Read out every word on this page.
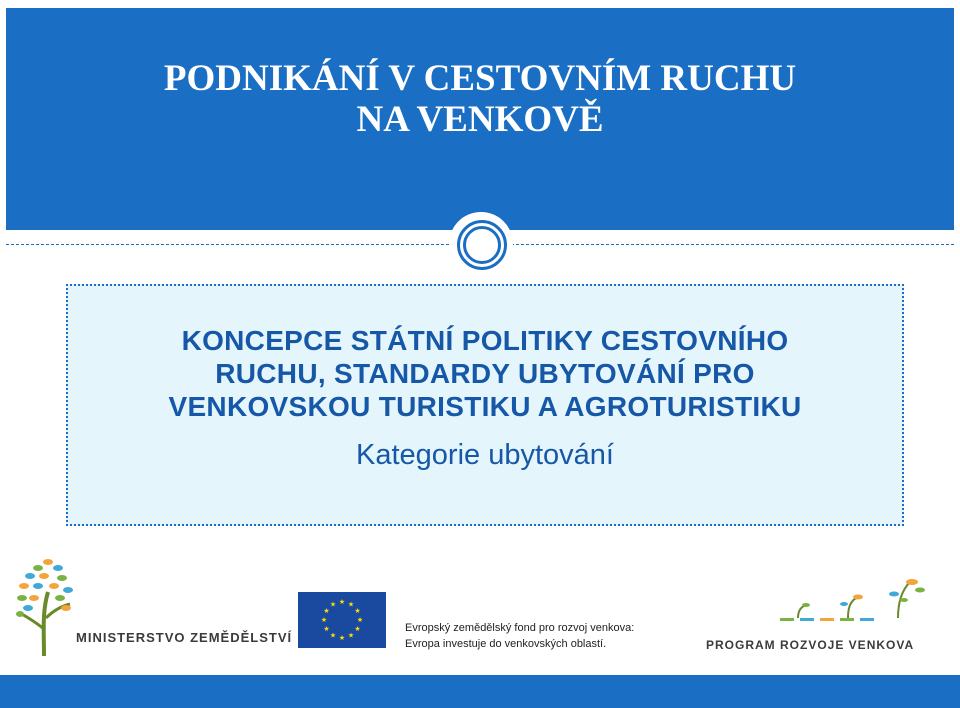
PODNIKÁNÍ V CESTOVNÍM RUCHU
NA VENKOVĚ
KONCEPCE STÁTNÍ POLITIKY CESTOVNÍHO
RUCHU, STANDARDY UBYTOVÁNÍ PRO
VENKOVSKOU TURISTIKU A AGROTURISTIKU
Kategorie ubytování
MINISTERSTVO ZEMĚDĚLSTVÍ
★ ★
★
★
★
★
★
★
★
★
★
★
Evropský zemědělský fond pro rozvoj venkova:
Evropa investuje do venkovských oblastí.	PROGRAM ROZVOJE VENKOVA
